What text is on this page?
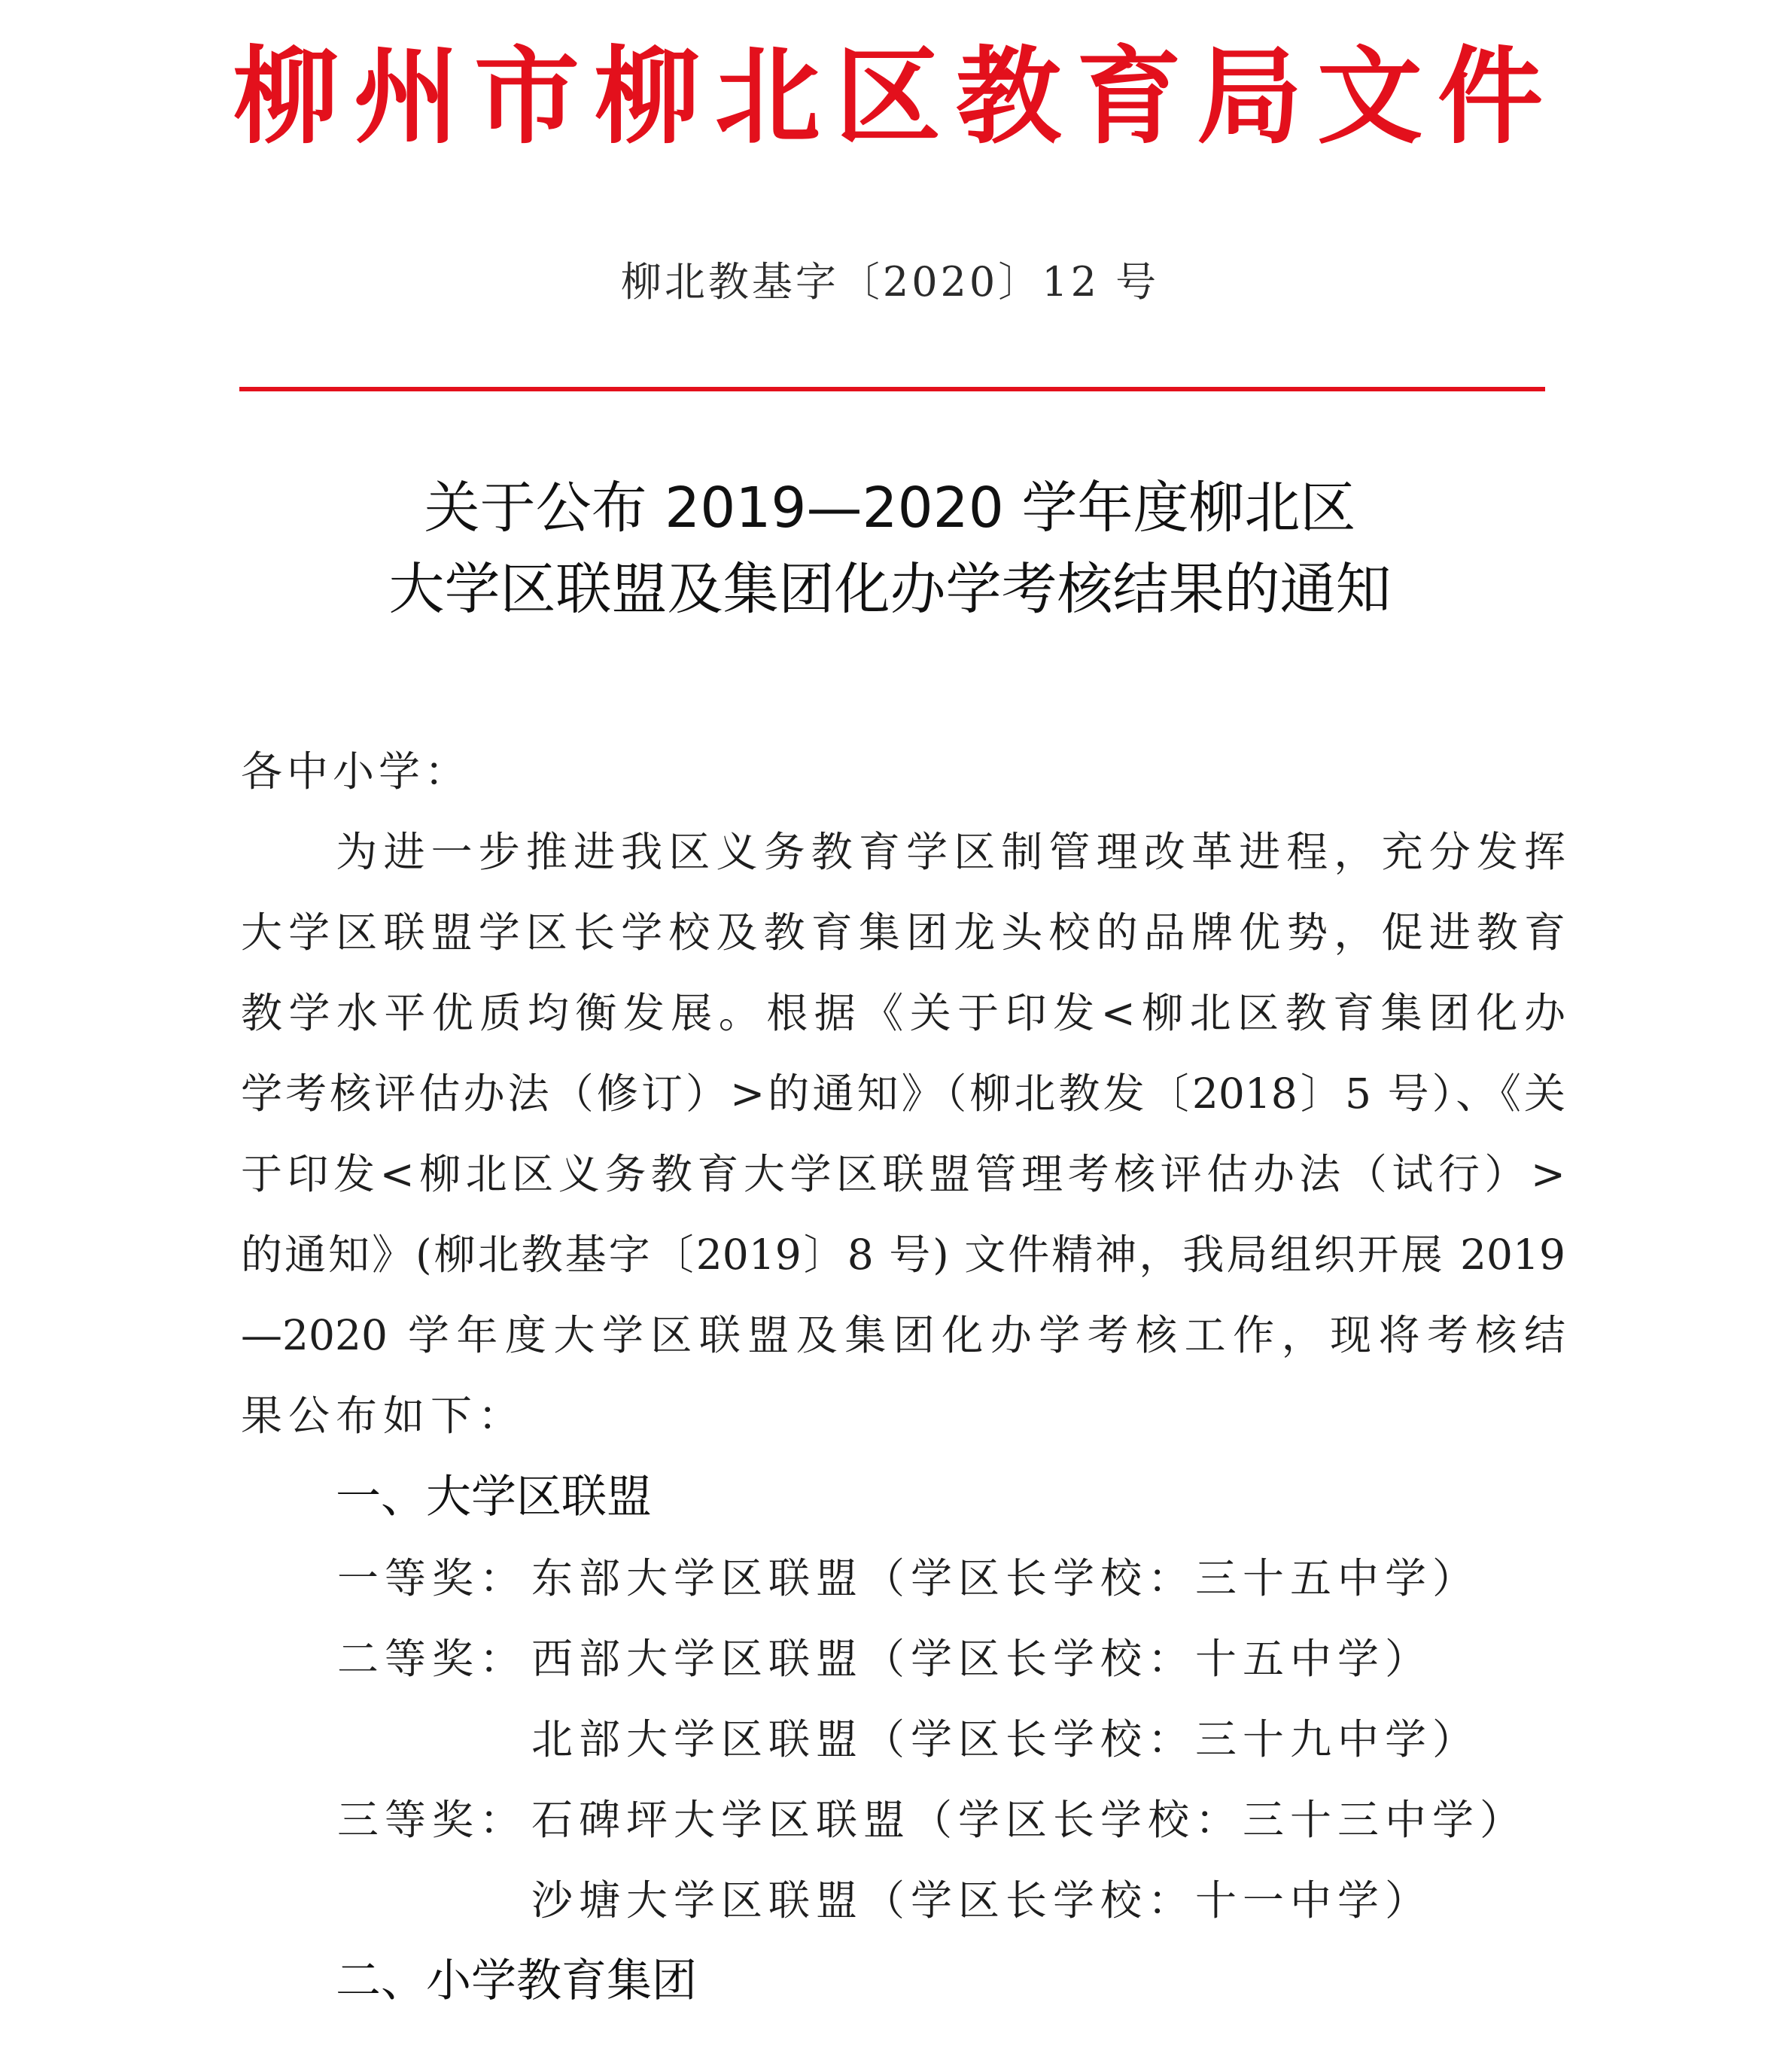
柳州市柳北区教育局文件
柳北教基字〔2020〕12 号
关于公布 2019—2020 学年度柳北区
大学区联盟及集团化办学考核结果的通知
各中小学：
　　为进一步推进我区义务教育学区制管理改革进程，充分发挥
大学区联盟学区长学校及教育集团龙头校的品牌优势，促进教育
教学水平优质均衡发展。根据《关于印发<柳北区教育集团化办
学考核评估办法（修订）>的通知》（柳北教发〔2018〕5 号）、《关
于印发<柳北区义务教育大学区联盟管理考核评估办法（试行）>
的通知》(柳北教基字〔2019〕8 号) 文件精神，我局组织开展 2019
—2020 学年度大学区联盟及集团化办学考核工作，现将考核结
果公布如下：
一、大学区联盟
一等奖： 东部大学区联盟（学区长学校：三十五中学）
二等奖： 西部大学区联盟（学区长学校：十五中学）
北部大学区联盟（学区长学校：三十九中学）
三等奖： 石碑坪大学区联盟（学区长学校：三十三中学）
沙塘大学区联盟（学区长学校：十一中学）
二、小学教育集团
